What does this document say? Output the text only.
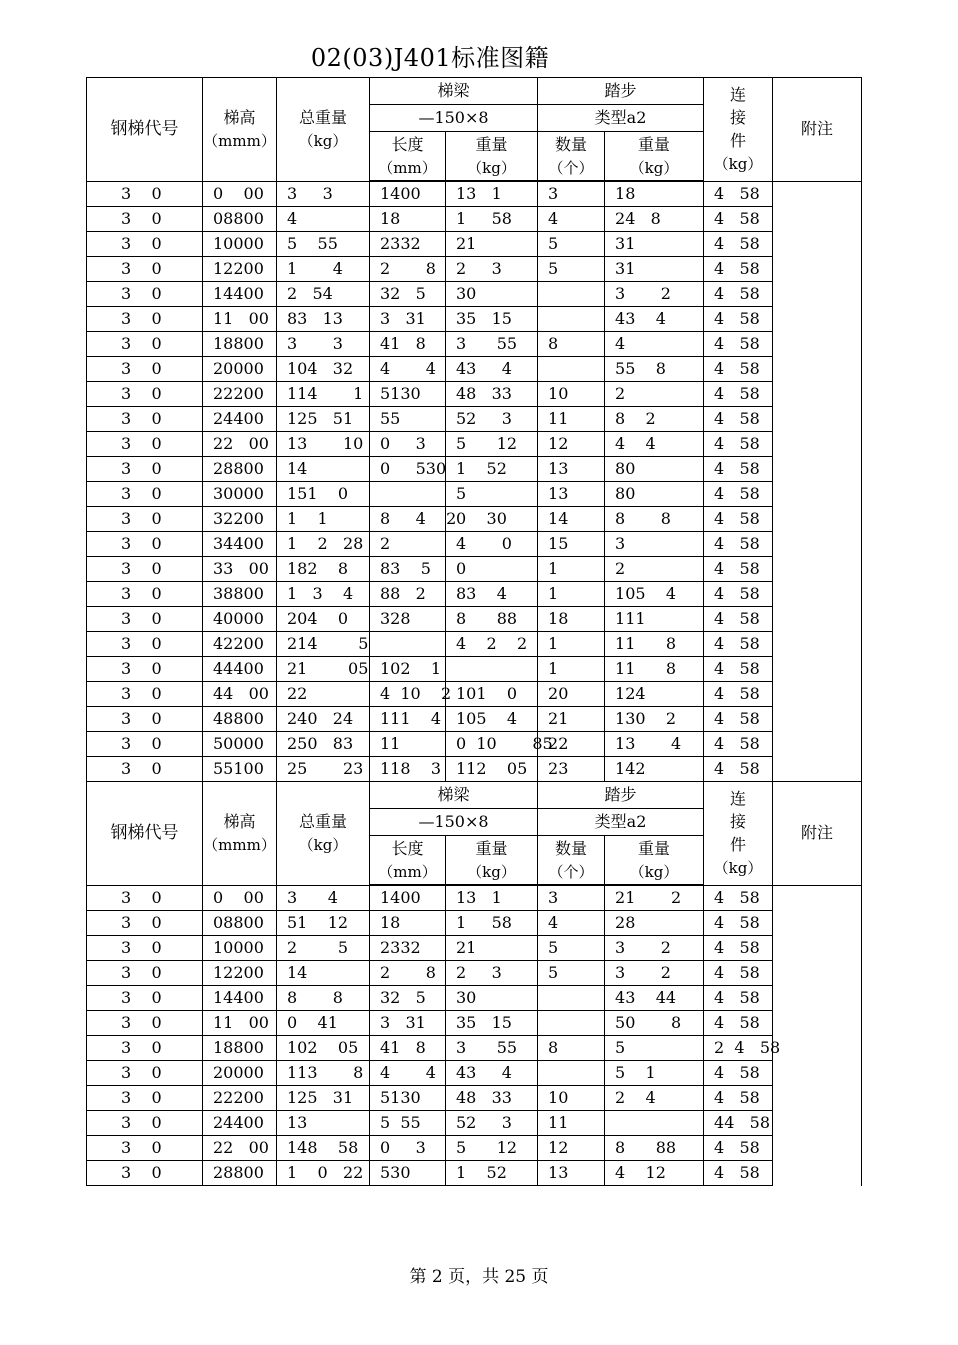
02(03)J401标准图籍
钢梯代号	梯高
（mmm）	总重量
（kg）	梯梁		踏步		连
接
件
（kg）	附注
			—150×8		类型a2			
			长度
（mm）	重量
（kg）	数量
（个）	重量
（kg）		
3    0	0    00	3     3	1400	13   1	3	18	4   58	
3    0	08800	4	18	1     58	4	24   8	4   58	
3    0	10000	5    55	2332	21	5	31	4   58	
3    0	12200	1       4	2       8	2     3	5	31	4   58	
3    0	14400	2   54	32   5	30		3       2	4   58	
3    0	11   00	83   13	3   31	35   15		43    4	4   58	
3    0	18800	3       3	41   8	3      55	8	4	4   58	
3    0	20000	104   32	4       4	43     4		55    8	4   58	
3    0	22200	114       1	5130	48   33	10	2	4   58	
3    0	24400	125   51	55	52     3	11	8    2	4   58	
3    0	22   00	13       10	0     3	5      12	12	4    4	4   58	
3    0	28800	14	0     530	1    52	13	80	4   58	
3    0	30000	151    0		5	13	80	4   58	
3    0	32200	1    1	8     4    2	0    30	14	8       8	4   58	
3    0	34400	1    2   28	2	4       0	15	3	4   58	
3    0	33   00	182    8	83    5	0	1	2	4   58	
3    0	38800	1   3    4	88   2	83    4	1	105    4	4   58	
3    0	40000	204    0	328	8      88	18	111	4   58	
3    0	42200	214        5		4    2    2	1	11      8	4   58	
3    0	44400	21        05	102    1		1	11      8	4   58	
3    0	44   00	22	4  10    2	101    0	20	124	4   58	
3    0	48800	240   24	111    4	105    4	21	130    2	4   58	
3    0	50000	250   83	11	0  10       85	22	13       4	4   58	
3    0	55100	25       23	118    3	112    05	23	142	4   58	
钢梯代号	梯高
（mmm）	总重量
（kg）	梯梁		踏步		连
接
件
（kg）	附注
			—150×8		类型a2			
			长度
（mm）	重量
（kg）	数量
（个）	重量
（kg）		
3    0	0    00	3      4	1400	13   1	3	21       2	4   58	
3    0	08800	51    12	18	1     58	4	28	4   58	
3    0	10000	2        5	2332	21	5	3       2	4   58	
3    0	12200	14	2       8	2     3	5	3       2	4   58	
3    0	14400	8       8	32   5	30		43    44	4   58	
3    0	11   00	0    41	3   31	35   15		50       8	4   58	
3    0	18800	102    05	41   8	3      55	8	5	2  4   58	
3    0	20000	113       8	4       4	43     4		5    1	4   58	
3    0	22200	125   31	5130	48   33	10	2    4	4   58	
3    0	24400	13	5  55	52     3	11		44   58	
3    0	22   00	148    58	0     3	5      12	12	8      88	4   58	
3    0	28800	1    0   22	530	1    52	13	4    12	4   58	
第 2 页，共 25 页
